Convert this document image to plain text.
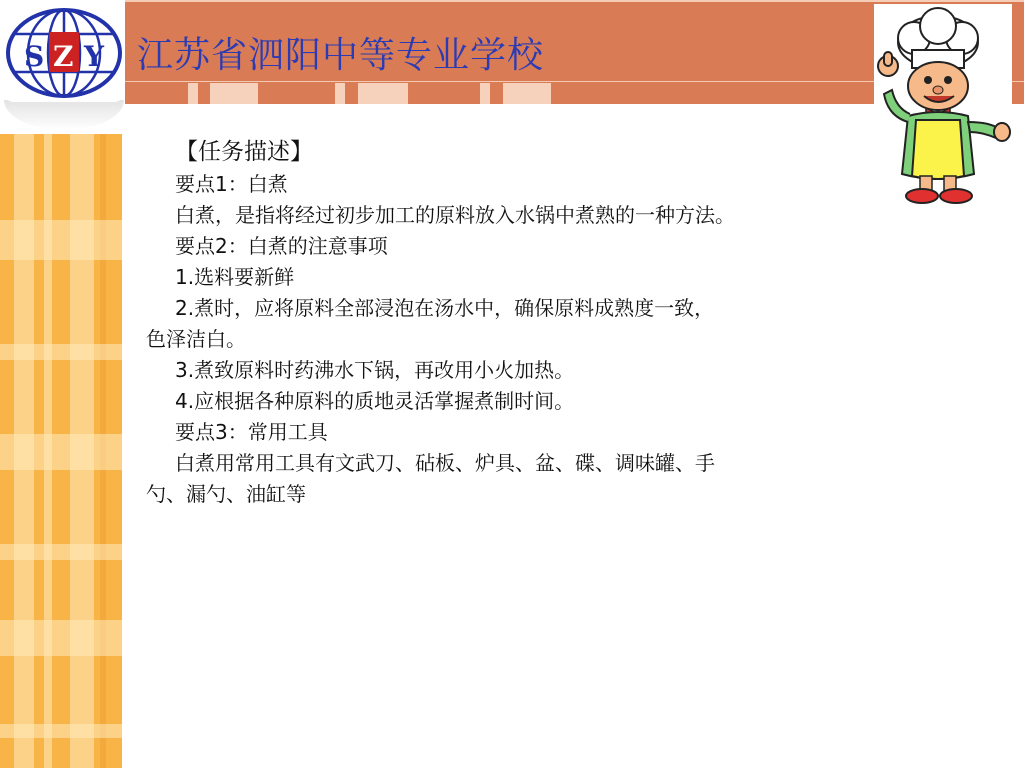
江苏省泗阳中等专业学校
S Z Y
【任务描述】
要点1：白煮
白煮，是指将经过初步加工的原料放入水锅中煮熟的一种方法。
要点2：白煮的注意事项
1.选料要新鲜
2.煮时，应将原料全部浸泡在汤水中，确保原料成熟度一致，
色泽洁白。
3.煮致原料时药沸水下锅，再改用小火加热。
4.应根据各种原料的质地灵活掌握煮制时间。
要点3：常用工具
白煮用常用工具有文武刀、砧板、炉具、盆、碟、调味罐、手
勺、漏勺、油缸等
